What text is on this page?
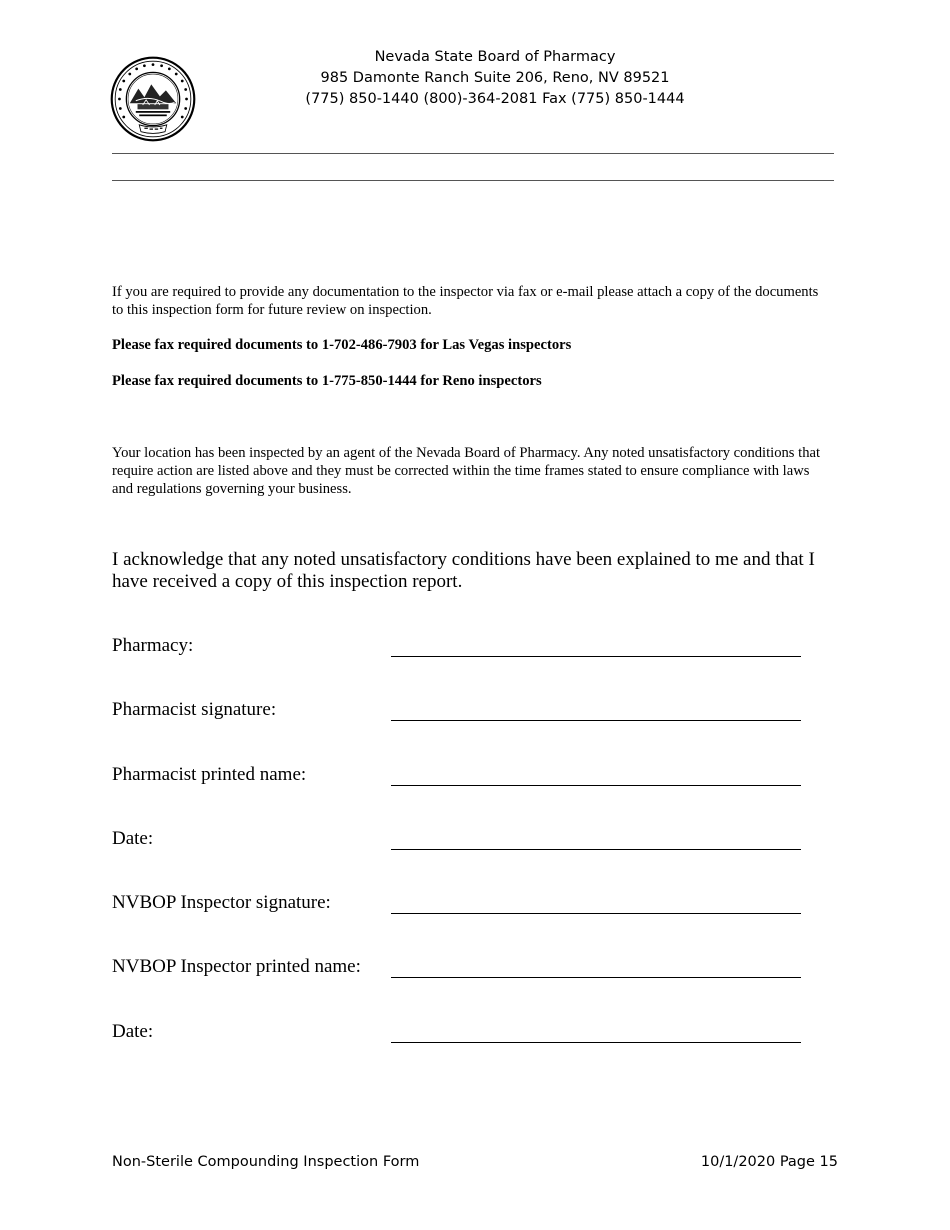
Nevada State Board of Pharmacy
985 Damonte Ranch Suite 206, Reno, NV 89521
(775) 850-1440 (800)-364-2081 Fax (775) 850-1444
If you are required to provide any documentation to the inspector via fax or e-mail please attach a copy of the documents to this inspection form for future review on inspection.
Please fax required documents to 1-702-486-7903 for Las Vegas inspectors
Please fax required documents to 1-775-850-1444 for Reno inspectors
Your location has been inspected by an agent of the Nevada Board of Pharmacy. Any noted unsatisfactory conditions that require action are listed above and they must be corrected within the time frames stated to ensure compliance with laws and regulations governing your business.
I acknowledge that any noted unsatisfactory conditions have been explained to me and that I have received a copy of this inspection report.
Pharmacy:
Pharmacist signature:
Pharmacist printed name:
Date:
NVBOP Inspector signature:
NVBOP Inspector printed name:
Date:
Non-Sterile Compounding Inspection Form	10/1/2020 Page 15
